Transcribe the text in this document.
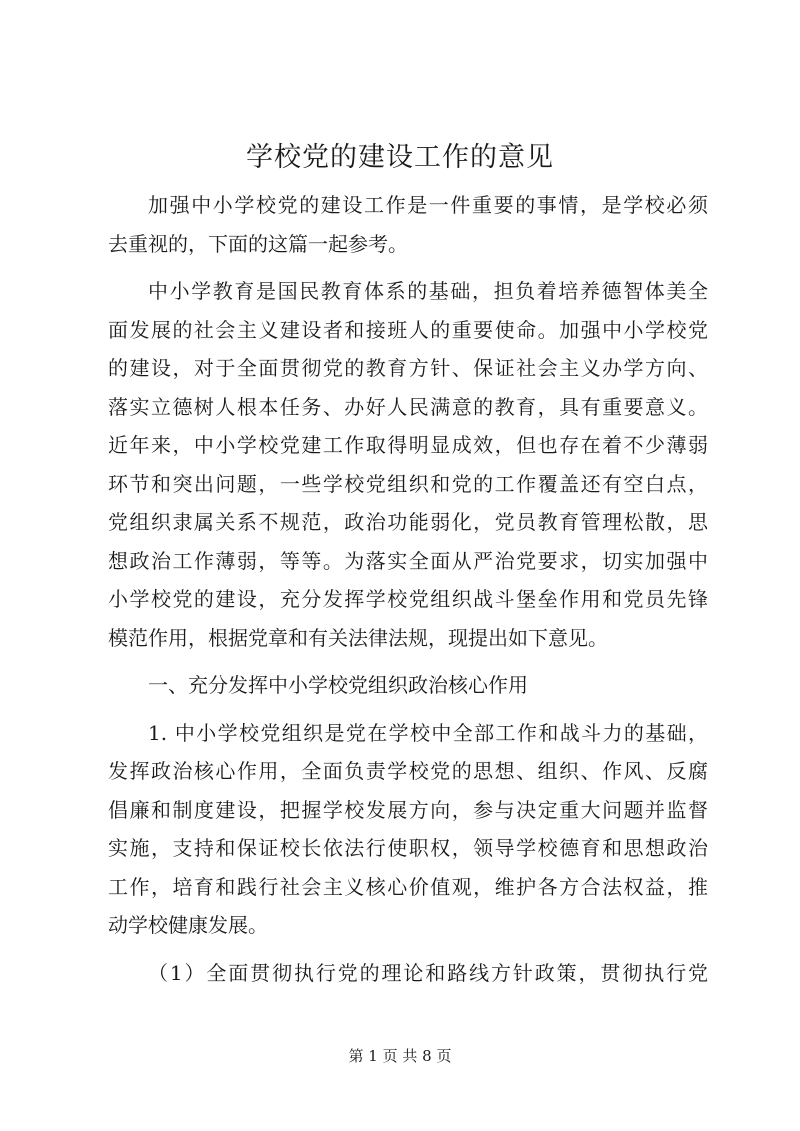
学校党的建设工作的意见
加强中小学校党的建设工作是一件重要的事情，是学校必须
去重视的，下面的这篇一起参考。
中小学教育是国民教育体系的基础，担负着培养德智体美全
面发展的社会主义建设者和接班人的重要使命。加强中小学校党
的建设，对于全面贯彻党的教育方针、保证社会主义办学方向、
落实立德树人根本任务、办好人民满意的教育，具有重要意义。
近年来，中小学校党建工作取得明显成效，但也存在着不少薄弱
环节和突出问题，一些学校党组织和党的工作覆盖还有空白点，
党组织隶属关系不规范，政治功能弱化，党员教育管理松散，思
想政治工作薄弱，等等。为落实全面从严治党要求，切实加强中
小学校党的建设，充分发挥学校党组织战斗堡垒作用和党员先锋
模范作用，根据党章和有关法律法规，现提出如下意见。
一、充分发挥中小学校党组织政治核心作用
1. 中小学校党组织是党在学校中全部工作和战斗力的基础，
发挥政治核心作用，全面负责学校党的思想、组织、作风、反腐
倡廉和制度建设，把握学校发展方向，参与决定重大问题并监督
实施，支持和保证校长依法行使职权，领导学校德育和思想政治
工作，培育和践行社会主义核心价值观，维护各方合法权益，推
动学校健康发展。
（1）全面贯彻执行党的理论和路线方针政策，贯彻执行党
第 1 页 共 8 页
